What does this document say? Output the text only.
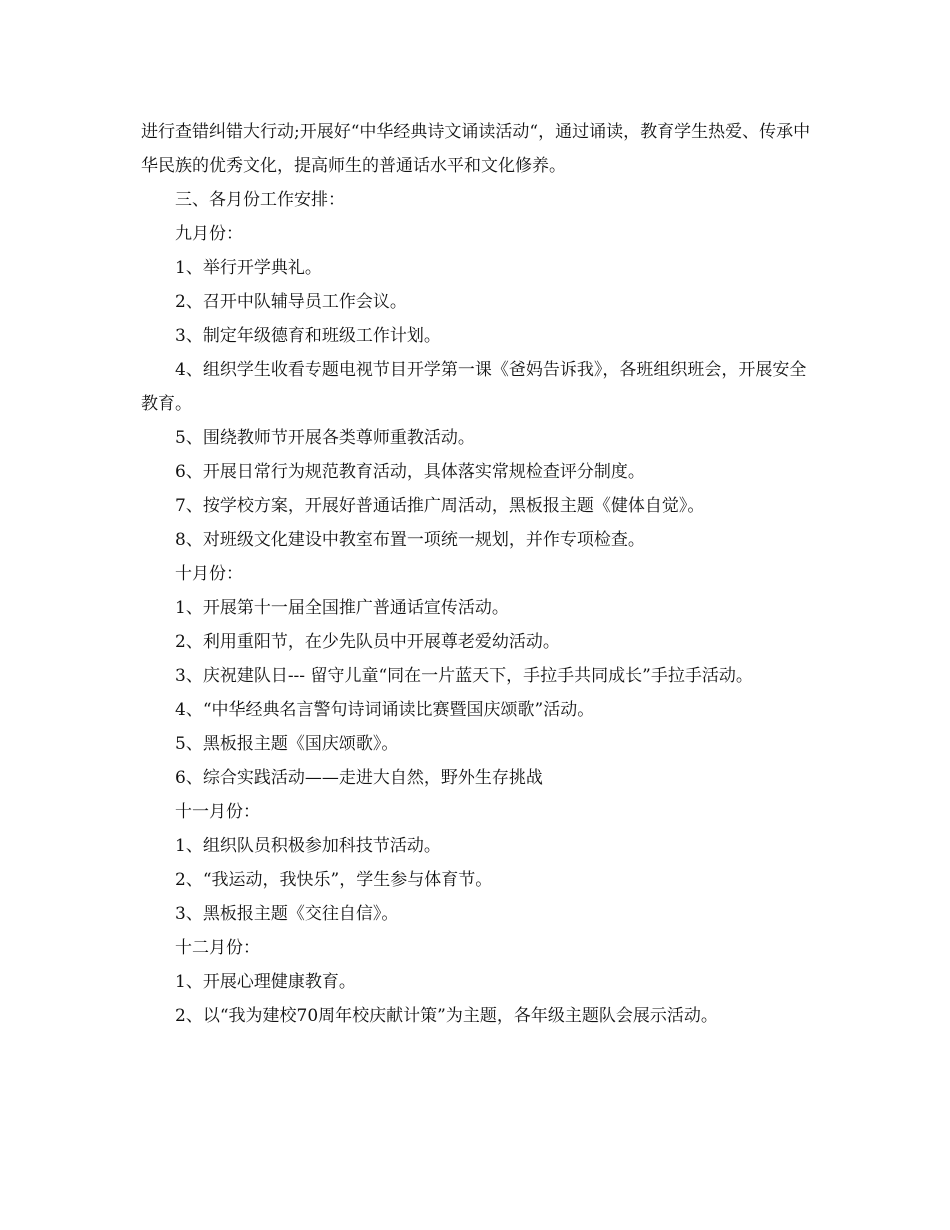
进行查错纠错大行动;开展好“中华经典诗文诵读活动“，通过诵读，教育学生热爱、传承中华民族的优秀文化，提高师生的普通话水平和文化修养。

三、各月份工作安排：

九月份：

1、举行开学典礼。

2、召开中队辅导员工作会议。

3、制定年级德育和班级工作计划。

4、组织学生收看专题电视节目开学第一课《爸妈告诉我》，各班组织班会，开展安全教育。

5、围绕教师节开展各类尊师重教活动。

6、开展日常行为规范教育活动，具体落实常规检查评分制度。

7、按学校方案，开展好普通话推广周活动，黑板报主题《健体自觉》。

8、对班级文化建设中教室布置一项统一规划，并作专项检查。

十月份：

1、开展第十一届全国推广普通话宣传活动。

2、利用重阳节，在少先队员中开展尊老爱幼活动。

3、庆祝建队日--- 留守儿童“同在一片蓝天下，手拉手共同成长”手拉手活动。

4、“中华经典名言警句诗词诵读比赛暨国庆颂歌”活动。

5、黑板报主题《国庆颂歌》。

6、综合实践活动——走进大自然，野外生存挑战

十一月份：

1、组织队员积极参加科技节活动。

2、“我运动，我快乐”，学生参与体育节。

3、黑板报主题《交往自信》。

十二月份：

1、开展心理健康教育。

2、以“我为建校70周年校庆献计策”为主题，各年级主题队会展示活动。
